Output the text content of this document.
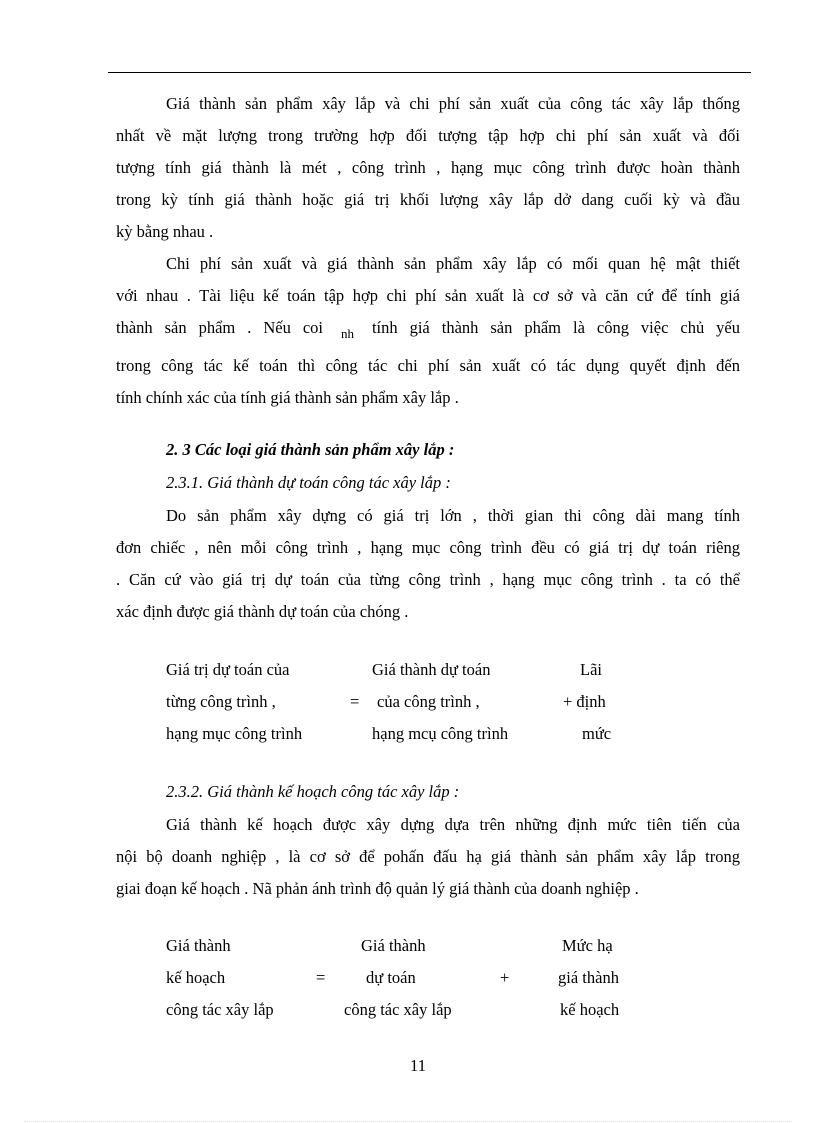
Giá thành sản phẩm xây lắp và chi phí sản xuất của công tác xây lắp thống
nhất về mặt lượng trong trường hợp đối tượng tập hợp chi phí sản xuất và đối
tượng tính giá thành là mét , công trình , hạng mục công trình được hoàn thành
trong kỳ tính giá thành hoặc giá trị khối lượng xây lắp dở dang cuối kỳ và đầu
kỳ bằng nhau .
Chi phí sản xuất và giá thành sản phẩm xây lắp có mối quan hệ mật thiết
với nhau . Tài liệu kế toán tập hợp chi phí sản xuất là cơ sở và căn cứ để tính giá
thành sản phẩm . Nếu coi $_{nh}$ tính giá thành sản phẩm là công việc chủ yếu
trong công tác kế toán thì công tác chi phí sản xuất có tác dụng quyết định đến
tính chính xác của tính giá thành sản phẩm xây lắp .
2. 3 Các loại giá thành sản phẩm xây lắp :
2.3.1. Giá thành dự toán công tác xây lắp :
Do sản phẩm xây dựng có giá trị lớn , thời gian thi công dài mang tính
đơn chiếc , nên mỗi công trình , hạng mục công trình đều có giá trị dự toán riêng
. Căn cứ vào giá trị dự toán của từng công trình , hạng mục công trình . ta có thể
xác định được giá thành dự toán của chóng .
Giá trị dự toán của
từng công trình ,
hạng mục công trình
=
Giá thành dự toán
của công trình ,
hạng mcụ công trình
Lãi
+ định
mức
2.3.2. Giá thành kế hoạch công tác xây lắp :
Giá thành kế hoạch được xây dựng dựa trên những định mức tiên tiến của
nội bộ doanh nghiệp , là cơ sở để pohấn đấu hạ giá thành sản phẩm xây lắp trong
giai đoạn kế hoạch . Nã phản ánh trình độ quản lý giá thành của doanh nghiệp .
Giá thành
kế hoạch
công tác xây lắp
=
Giá thành
dự toán
công tác xây lắp
+
Mức hạ
giá thành
kế hoạch
11
